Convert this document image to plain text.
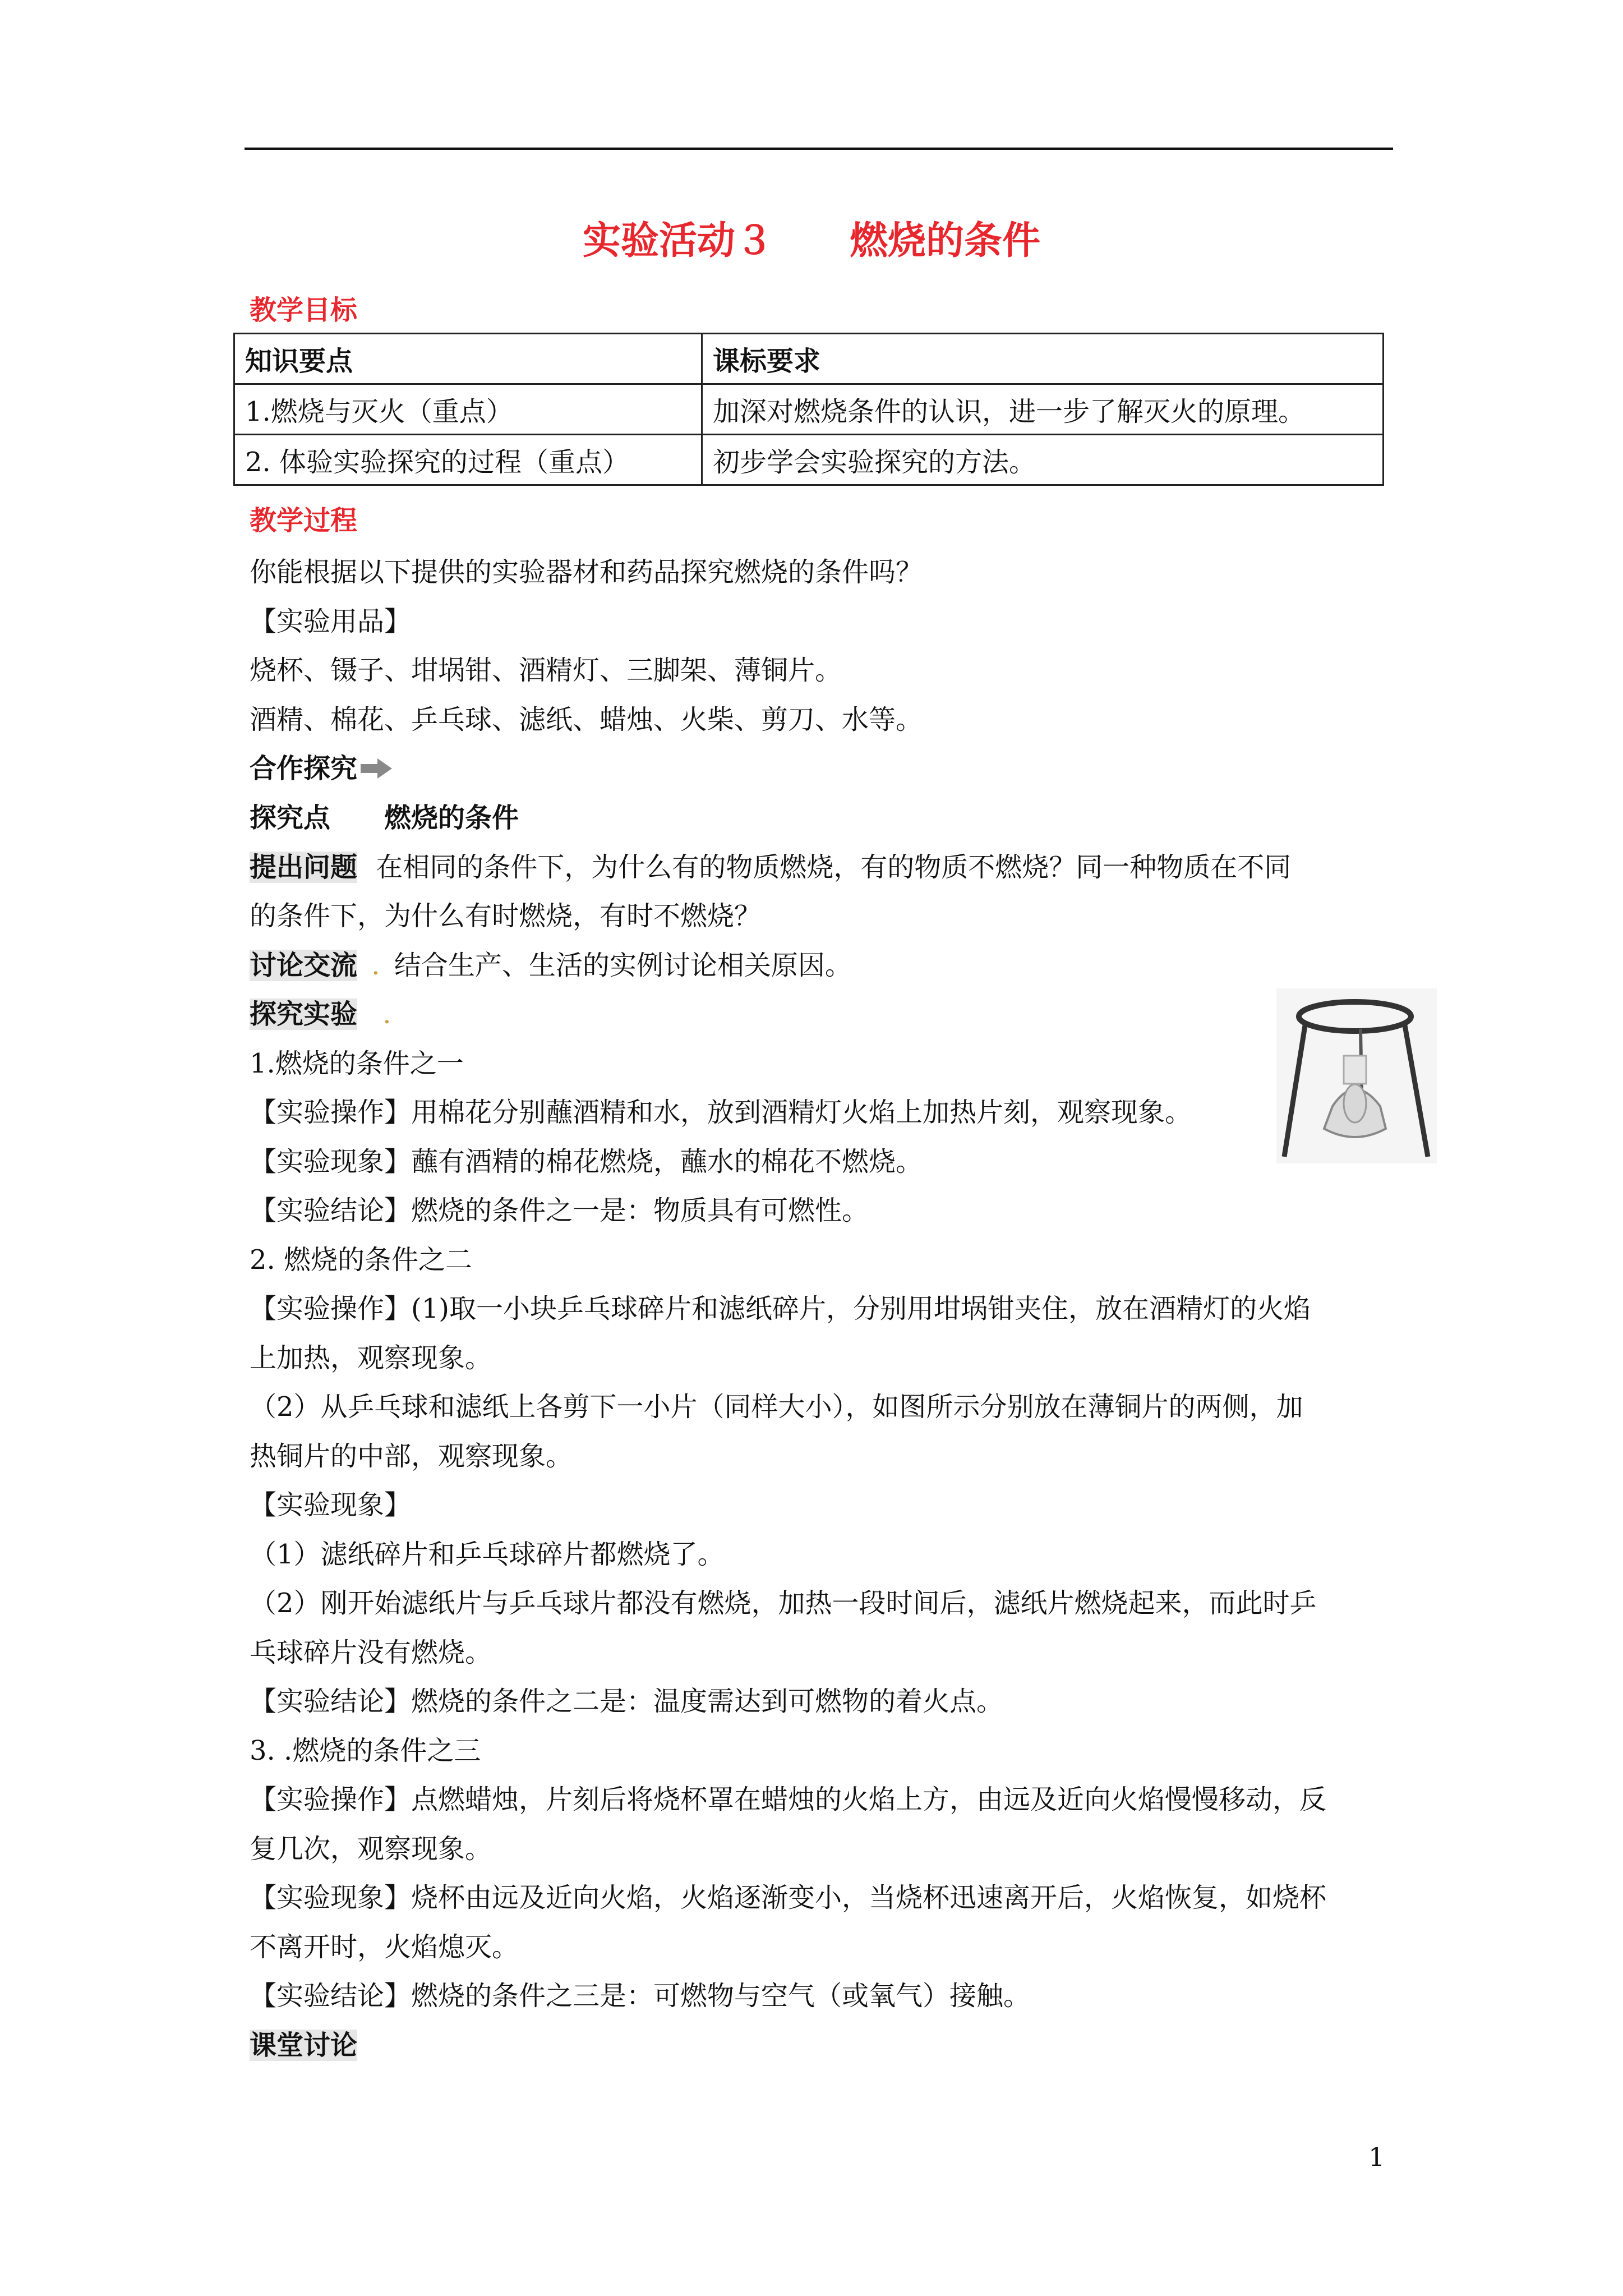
实验活动３　　燃烧的条件
教学目标
知识要点	课标要求
1.燃烧与灭火（重点）	加深对燃烧条件的认识，进一步了解灭火的原理。
2. 体验实验探究的过程（重点）	初步学会实验探究的方法。
教学过程
你能根据以下提供的实验器材和药品探究燃烧的条件吗？
【实验用品】
烧杯、镊子、坩埚钳、酒精灯、三脚架、薄铜片。
酒精、棉花、乒乓球、滤纸、蜡烛、火柴、剪刀、水等。
合作探究
探究点　　燃烧的条件
提出问题 在相同的条件下，为什么有的物质燃烧，有的物质不燃烧？同一种物质在不同
的条件下，为什么有时燃烧，有时不燃烧？
讨论交流 . 结合生产、生活的实例讨论相关原因。
探究实验 .
1.燃烧的条件之一
【实验操作】用棉花分别蘸酒精和水，放到酒精灯火焰上加热片刻，观察现象。
【实验现象】蘸有酒精的棉花燃烧，蘸水的棉花不燃烧。
【实验结论】燃烧的条件之一是：物质具有可燃性。
2. 燃烧的条件之二
【实验操作】(1)取一小块乒乓球碎片和滤纸碎片，分别用坩埚钳夹住，放在酒精灯的火焰
上加热，观察现象。
（2）从乒乓球和滤纸上各剪下一小片（同样大小），如图所示分别放在薄铜片的两侧，加
热铜片的中部，观察现象。
【实验现象】
（1）滤纸碎片和乒乓球碎片都燃烧了。
（2）刚开始滤纸片与乒乓球片都没有燃烧，加热一段时间后，滤纸片燃烧起来，而此时乒
乓球碎片没有燃烧。
【实验结论】燃烧的条件之二是：温度需达到可燃物的着火点。
3. .燃烧的条件之三
【实验操作】点燃蜡烛，片刻后将烧杯罩在蜡烛的火焰上方，由远及近向火焰慢慢移动，反
复几次，观察现象。
【实验现象】烧杯由远及近向火焰，火焰逐渐变小，当烧杯迅速离开后，火焰恢复，如烧杯
不离开时，火焰熄灭。
【实验结论】燃烧的条件之三是：可燃物与空气（或氧气）接触。
课堂讨论
1
